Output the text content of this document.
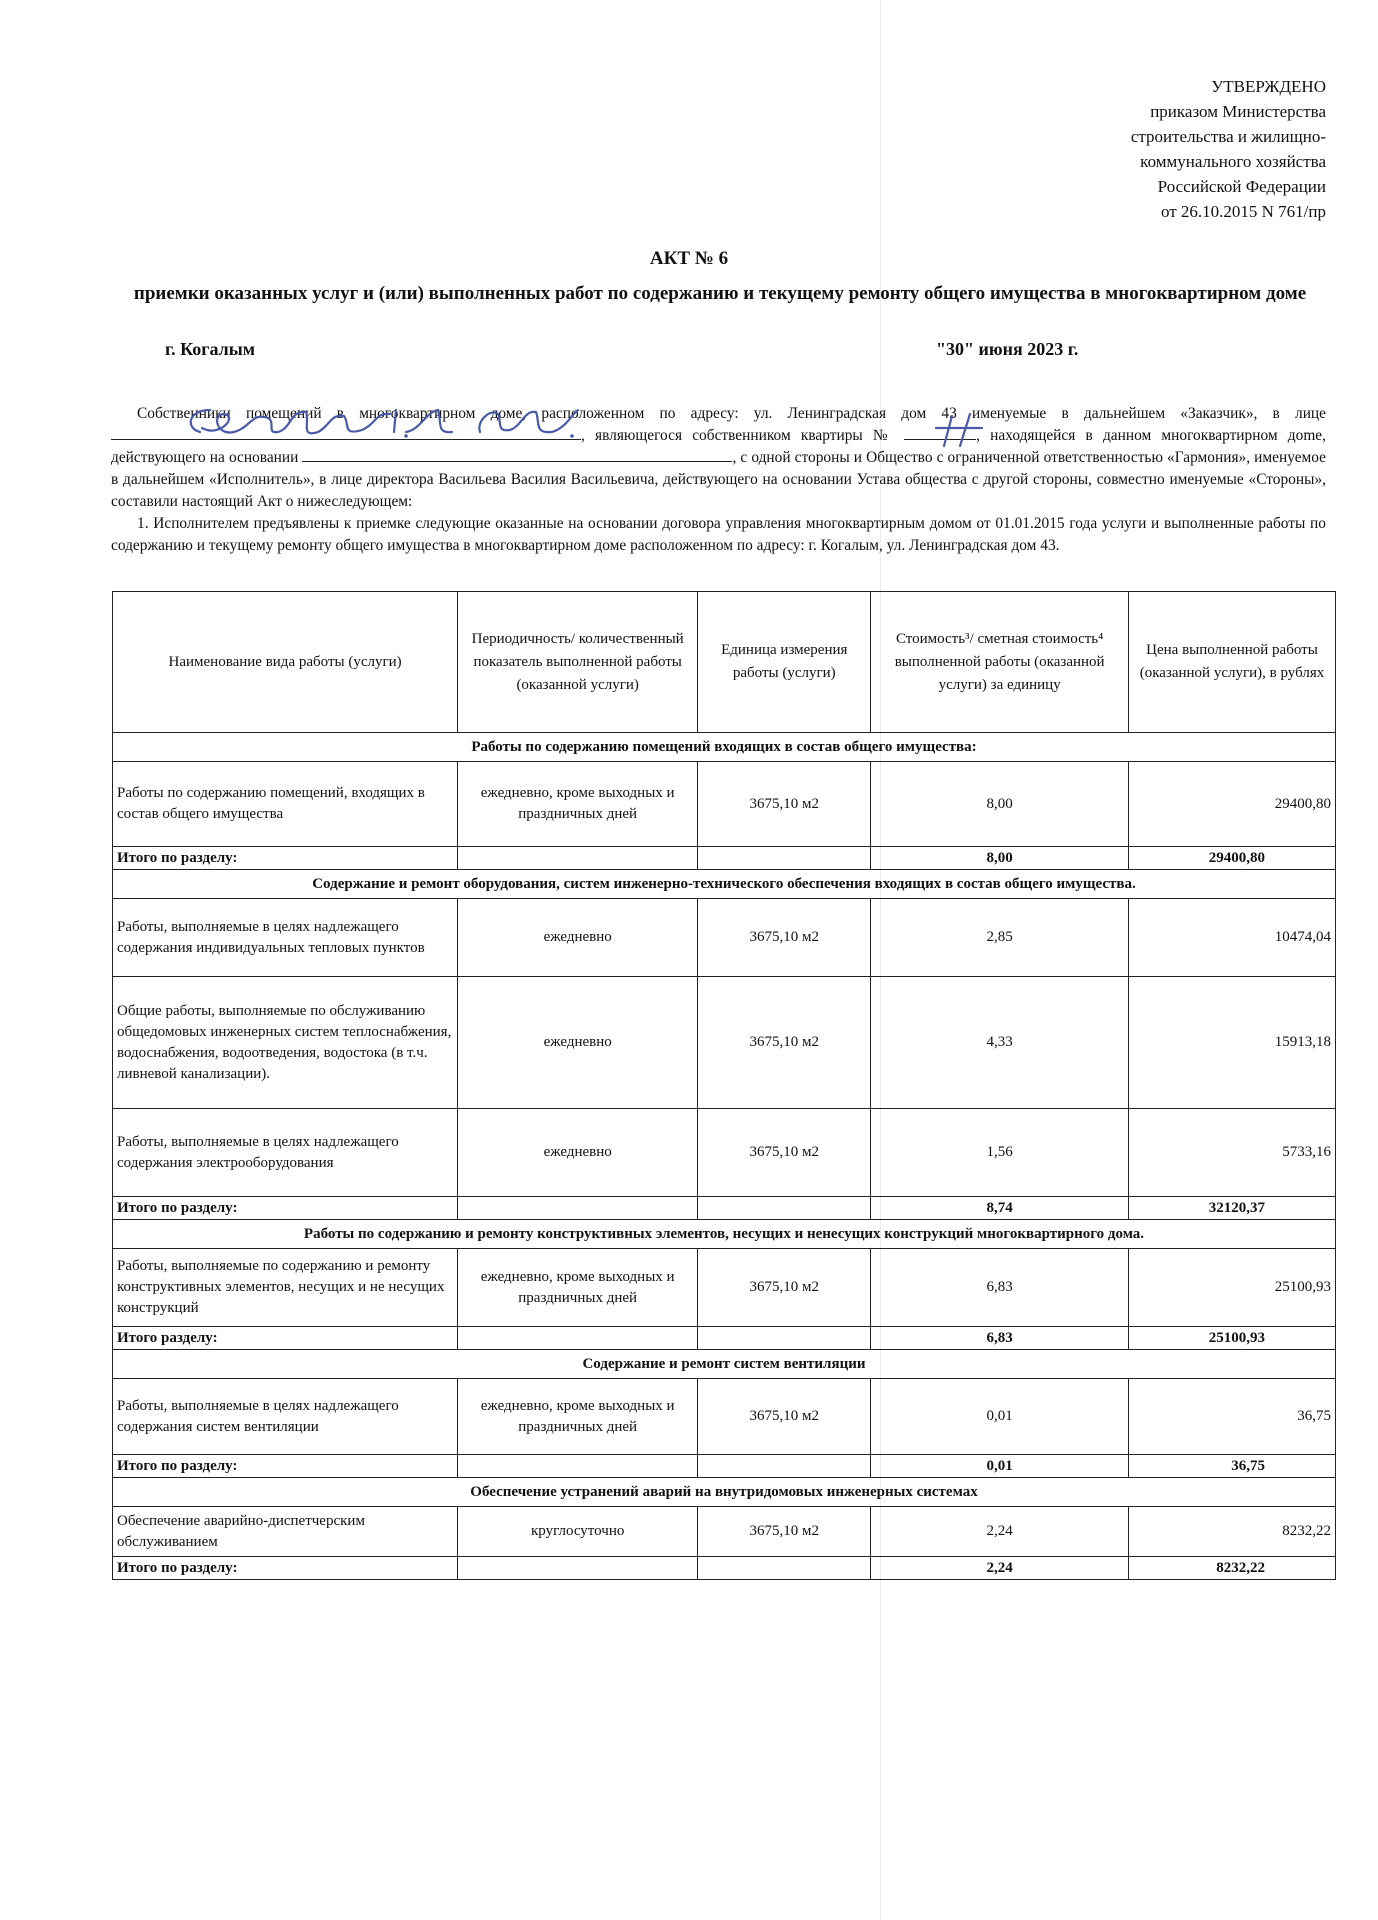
УТВЕРЖДЕНО
приказом Министерства
строительства и жилищно-
коммунального хозяйства
Российской Федерации
от 26.10.2015 N 761/пр
АКТ № 6
приемки оказанных услуг и (или) выполненных работ по содержанию и текущему ремонту общего имущества в многоквартирном доме
г. Когалым	"30" июня 2023 г.

Собственники помещений в многоквартирном доме, расположенном по адресу: ул. Ленинградская дом 43 именуемые в дальнейшем «Заказчик», в лице , являющегося собственником квартиры №	, находящейся в данном многоквартирном дome, действующего на основании	, с одной стороны и Общество с ограниченной ответственностью «Гармония», именуемое в дальнейшем «Исполнитель», в лице директора Васильева Василия Васильевича, действующего на основании Устава общества с другой стороны, совместно именуемые «Стороны», составили настоящий Акт о нижеследующем:

1. Исполнителем предъявлены к приемке следующие оказанные на основании договора управления многоквартирным домом от 01.01.2015 года услуги и выполненные работы по содержанию и текущему ремонту общего имущества в многоквартирном доме расположенном по адресу: г. Когалым, ул. Ленинградская дом 43.

Наименование вида работы (услуги)	Периодичность/ количественный показатель выполненной работы (оказанной услуги)	Единица измерения работы (услуги)	Стоимость³/ сметная стоимость⁴ выполненной работы (оказанной услуги) за единицу	Цена выполненной работы (оказанной услуги), в рублях
Работы по содержанию помещений входящих в состав общего имущества:				
Работы по содержанию помещений, входящих в состав общего имущества	ежедневно, кроме выходных и праздничных дней	3675,10 м2	8,00	29400,80
Итого по разделу:			8,00	29400,80
Содержание и ремонт оборудования, систем инженерно-технического обеспечения входящих в состав общего имущества.				
Работы, выполняемые в целях надлежащего содержания индивидуальных тепловых пунктов	ежедневно	3675,10 м2	2,85	10474,04
Общие работы, выполняемые по обслуживанию общедомовых инженерных систем теплоснабжения, водоснабжения, водоотведения, водостока (в т.ч. ливневой канализации).	ежедневно	3675,10 м2	4,33	15913,18
Работы, выполняемые в целях надлежащего содержания электрооборудования	ежедневно	3675,10 м2	1,56	5733,16
Итого по разделу:			8,74	32120,37
Работы по содержанию и ремонту конструктивных элементов, несущих и ненесущих конструкций многоквартирного дома.				
Работы, выполняемые по содержанию и ремонту конструктивных элементов, несущих и не несущих конструкций	ежедневно, кроме выходных и праздничных дней	3675,10 м2	6,83	25100,93
Итого разделу:			6,83	25100,93
Содержание и ремонт систем вентиляции				
Работы, выполняемые в целях надлежащего содержания систем вентиляции	ежедневно, кроме выходных и праздничных дней	3675,10 м2	0,01	36,75
Итого по разделу:			0,01	36,75
Обеспечение устранений аварий на внутридомовых инженерных системах				
Обеспечение аварийно-диспетчерским обслуживанием	круглосуточно	3675,10 м2	2,24	8232,22
Итого по разделу:			2,24	8232,22
